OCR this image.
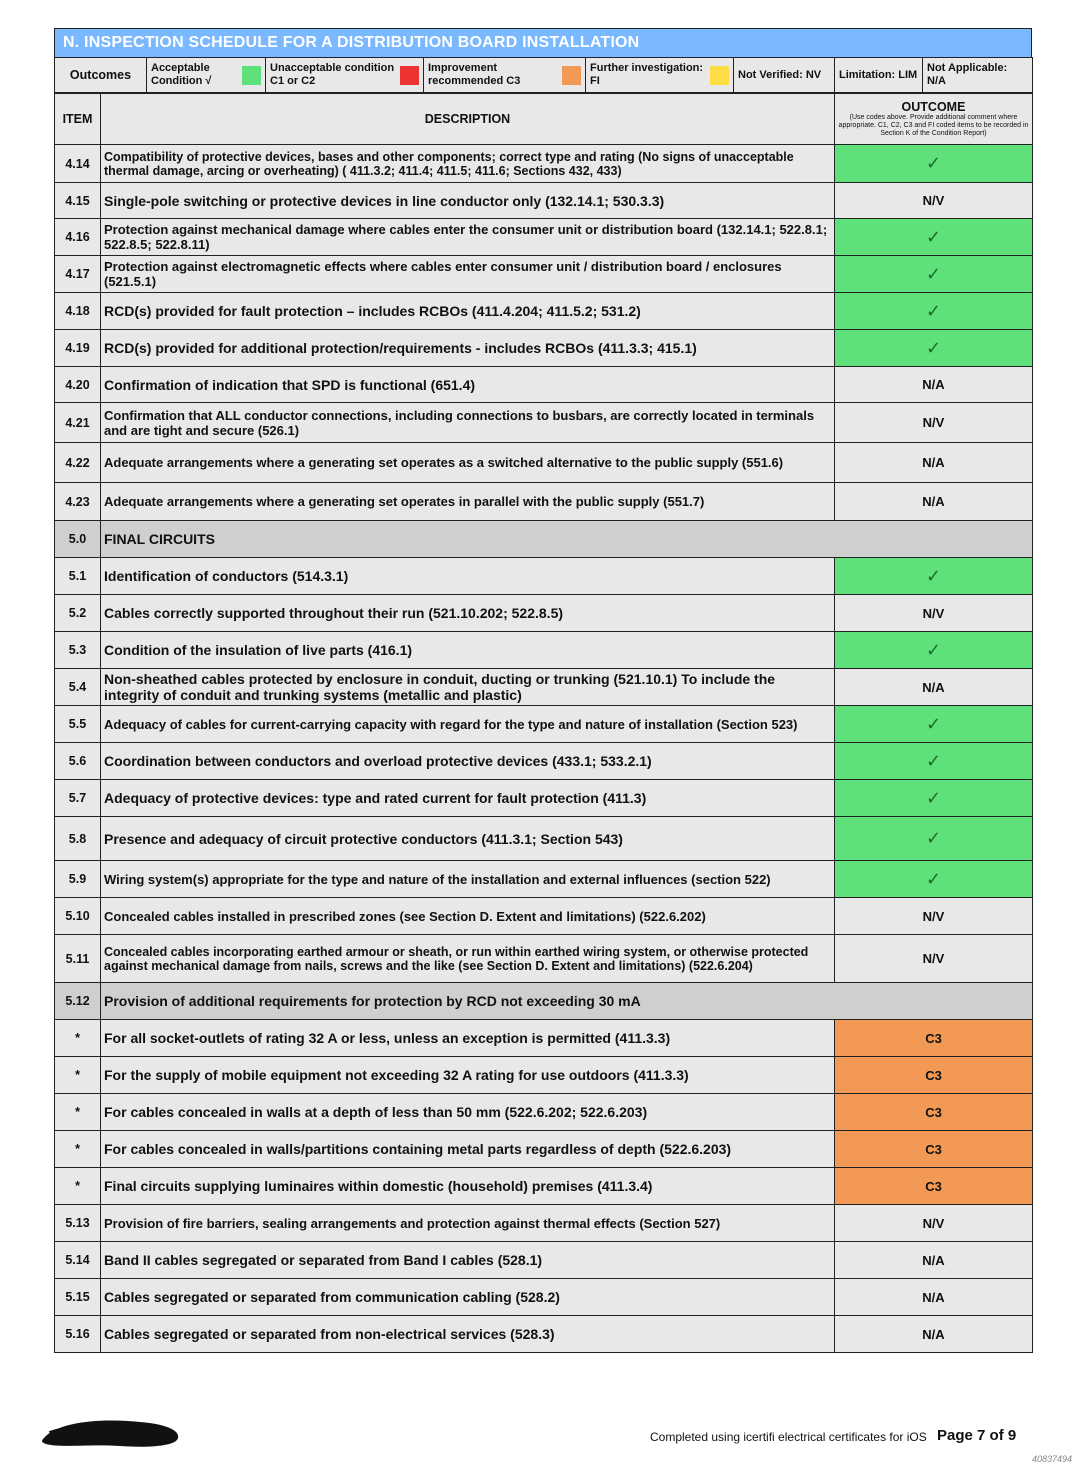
N. INSPECTION SCHEDULE FOR A DISTRIBUTION BOARD INSTALLATION
Outcomes	Acceptable Condition √

Unacceptable condition C1 or C2

Improvement recommended C3

Further investigation: FI
	Not Verified: NV	Limitation: LIM	Not Applicable: N/A
ITEM	DESCRIPTION	OUTCOME
(Use codes above. Provide additional comment where appropriate. C1, C2, C3 and FI coded items to be recorded in Section K of the Condition Report)

4.14	Compatibility of protective devices, bases and other components; correct type and rating (No signs of unacceptable thermal damage, arcing or overheating) ( 411.3.2; 411.4; 411.5; 411.6; Sections 432, 433)	✓
4.15	Single-pole switching or protective devices in line conductor only (132.14.1; 530.3.3)	N/V
4.16	Protection against mechanical damage where cables enter the consumer unit or distribution board (132.14.1; 522.8.1; 522.8.5; 522.8.11)	✓
4.17	Protection against electromagnetic effects where cables enter consumer unit / distribution board / enclosures (521.5.1)	✓
4.18	RCD(s) provided for fault protection – includes RCBOs (411.4.204; 411.5.2; 531.2)	✓
4.19	RCD(s) provided for additional protection/requirements - includes RCBOs (411.3.3; 415.1)	✓
4.20	Confirmation of indication that SPD is functional (651.4)	N/A
4.21	Confirmation that ALL conductor connections, including connections to busbars, are correctly located in terminals and are tight and secure (526.1)	N/V
4.22	Adequate arrangements where a generating set operates as a switched alternative to the public supply (551.6)	N/A
4.23	Adequate arrangements where a generating set operates in parallel with the public supply (551.7)	N/A
5.0	FINAL CIRCUITS	
5.1	Identification of conductors (514.3.1)	✓
5.2	Cables correctly supported throughout their run (521.10.202; 522.8.5)	N/V
5.3	Condition of the insulation of live parts (416.1)	✓
5.4	Non-sheathed cables protected by enclosure in conduit, ducting or trunking (521.10.1) To include the integrity of conduit and trunking systems (metallic and plastic)	N/A
5.5	Adequacy of cables for current-carrying capacity with regard for the type and nature of installation (Section 523)	✓
5.6	Coordination between conductors and overload protective devices (433.1; 533.2.1)	✓
5.7	Adequacy of protective devices: type and rated current for fault protection (411.3)	✓
5.8	Presence and adequacy of circuit protective conductors (411.3.1; Section 543)	✓
5.9	Wiring system(s) appropriate for the type and nature of the installation and external influences (section 522)	✓
5.10	Concealed cables installed in prescribed zones (see Section D. Extent and limitations) (522.6.202)	N/V
5.11	Concealed cables incorporating earthed armour or sheath, or run within earthed wiring system, or otherwise protected against mechanical damage from nails, screws and the like (see Section D. Extent and limitations) (522.6.204)	N/V
5.12	Provision of additional requirements for protection by RCD not exceeding 30 mA	
*	For all socket-outlets of rating 32 A or less, unless an exception is permitted (411.3.3)	C3
*	For the supply of mobile equipment not exceeding 32 A rating for use outdoors (411.3.3)	C3
*	For cables concealed in walls at a depth of less than 50 mm (522.6.202; 522.6.203)	C3
*	For cables concealed in walls/partitions containing metal parts regardless of depth (522.6.203)	C3
*	Final circuits supplying luminaires within domestic (household) premises (411.3.4)	C3
5.13	Provision of fire barriers, sealing arrangements and protection against thermal effects (Section 527)	N/V
5.14	Band II cables segregated or separated from Band I cables (528.1)	N/A
5.15	Cables segregated or separated from communication cabling (528.2)	N/A
5.16	Cables segregated or separated from non-electrical services (528.3)	N/A
Completed using icertifi electrical certificates for iOS Page 7 of 9
40837494
